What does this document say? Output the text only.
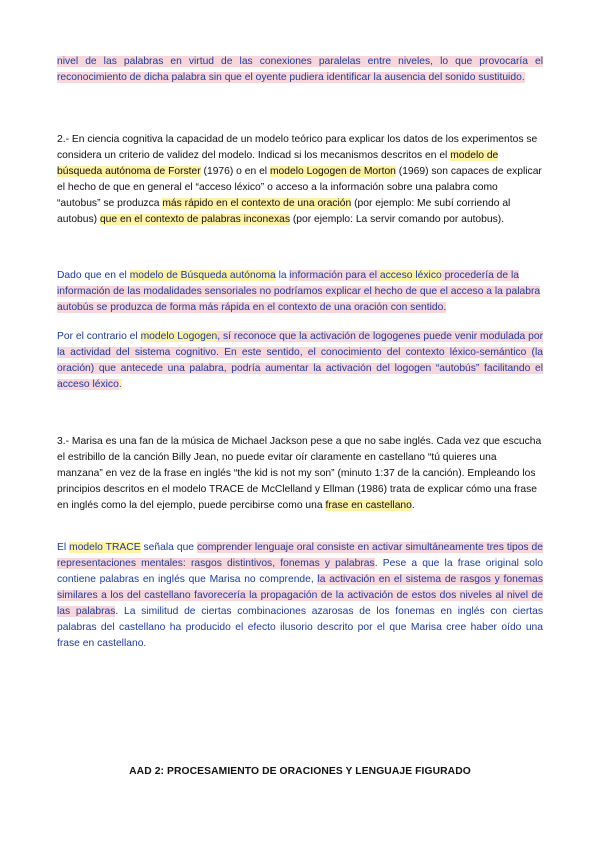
nivel de las palabras en virtud de las conexiones paralelas entre niveles, lo que provocaría el reconocimiento de dicha palabra sin que el oyente pudiera identificar la ausencia del sonido sustituido.

2.- En ciencia cognitiva la capacidad de un modelo teórico para explicar los datos de los experimentos se considera un criterio de validez del modelo. Indicad si los mecanismos descritos en el modelo de búsqueda autónoma de Forster (1976) o en el modelo Logogen de Morton (1969) son capaces de explicar el hecho de que en general el “acceso léxico” o acceso a la información sobre una palabra como “autobus” se produzca más rápido en el contexto de una oración (por ejemplo: Me subí corriendo al autobus) que en el contexto de palabras inconexas (por ejemplo: La servir comando por autobus).

Dado que en el modelo de Búsqueda autónoma la información para el acceso léxico procedería de la información de las modalidades sensoriales no podríamos explicar el hecho de que el acceso a la palabra autobús se produzca de forma más rápida en el contexto de una oración con sentido.

Por el contrario el modelo Logogen, sí reconoce que la activación de logogenes puede venir modulada por la actividad del sistema cognitivo. En este sentido, el conocimiento del contexto léxico-semántico (la oración) que antecede una palabra, podría aumentar la activación del logogen “autobús” facilitando el acceso léxico.

3.- Marisa es una fan de la música de Michael Jackson pese a que no sabe inglés. Cada vez que escucha el estribillo de la canción Billy Jean, no puede evitar oír claramente en castellano “tú quieres una manzana” en vez de la frase en inglés “the kid is not my son” (minuto 1:37 de la canción). Empleando los principios descritos en el modelo TRACE de McClelland y Ellman (1986) trata de explicar cómo una frase en inglés como la del ejemplo, puede percibirse como una frase en castellano.

El modelo TRACE señala que comprender lenguaje oral consiste en activar simultáneamente tres tipos de representaciones mentales: rasgos distintivos, fonemas y palabras. Pese a que la frase original solo contiene palabras en inglés que Marisa no comprende, la activación en el sistema de rasgos y fonemas similares a los del castellano favorecería la propagación de la activación de estos dos niveles al nivel de las palabras. La similitud de ciertas combinaciones azarosas de los fonemas en inglés con ciertas palabras del castellano ha producido el efecto ilusorio descrito por el que Marisa cree haber oído una frase en castellano.

AAD 2: PROCESAMIENTO DE ORACIONES Y LENGUAJE FIGURADO
